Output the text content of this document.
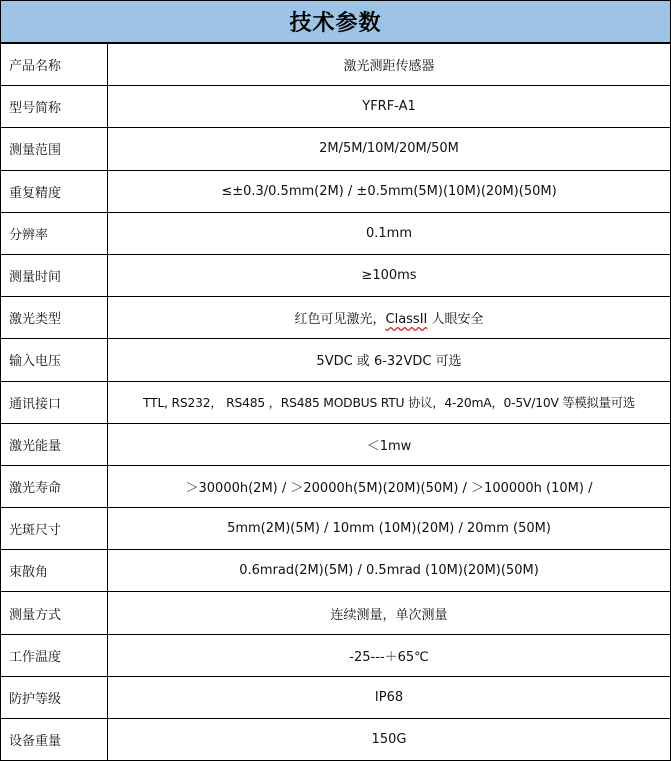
技术参数
产品名称	激光测距传感器
型号简称	YFRF-A1
测量范围	2M/5M/10M/20M/50M
重复精度	≤±0.3/0.5mm(2M) / ±0.5mm(5M)(10M)(20M)(50M)
分辨率	0.1mm
测量时间	≥100ms
激光类型	红色可见激光，ClassII 人眼安全
输入电压	5VDC 或 6-32VDC 可选
通讯接口	TTL, RS232， RS485 ，RS485 MODBUS RTU 协议，4-20mA，0-5V/10V 等模拟量可选
激光能量	＜1mw
激光寿命	＞30000h(2M) / ＞20000h(5M)(20M)(50M) / ＞100000h (10M) /
光斑尺寸	5mm(2M)(5M) / 10mm (10M)(20M) / 20mm (50M)
束散角	0.6mrad(2M)(5M) / 0.5mrad (10M)(20M)(50M)
测量方式	连续测量，单次测量
工作温度	-25---＋65℃
防护等级	IP68
设备重量	150G
